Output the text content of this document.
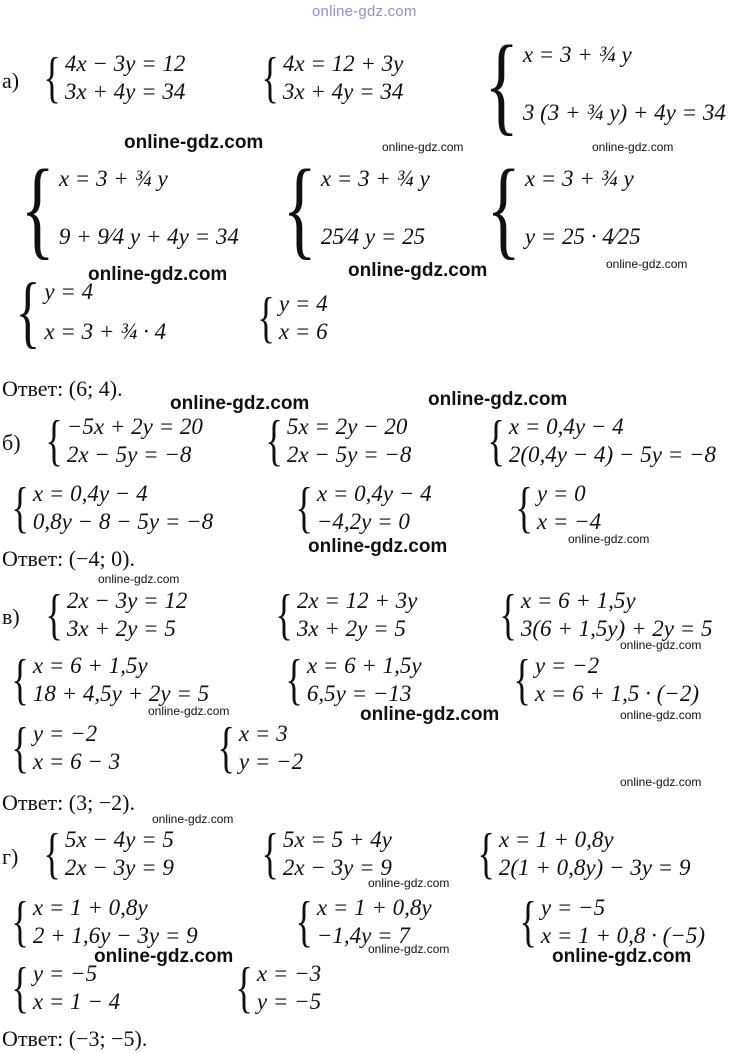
online-gdz.com
а) { 4x − 3y = 12
3x + 4y = 34 { 4x = 12 + 3y
3x + 4y = 34 { x = 3 + ¾ y
3 (3 + ¾ y) + 4y = 34
{ x = 3 + ¾ y
9 + 9⁄4 y + 4y = 34 { x = 3 + ¾ y
25⁄4 y = 25 { x = 3 + ¾ y
y = 25 · 4⁄25
{ y = 4
x = 3 + ¾ · 4 { y = 4
x = 6
Ответ: (6; 4).
б) { −5x + 2y = 20
2x − 5y = −8 { 5x = 2y − 20
2x − 5y = −8 { x = 0,4y − 4
2(0,4y − 4) − 5y = −8
{ x = 0,4y − 4
0,8y − 8 − 5y = −8 { x = 0,4y − 4
−4,2y = 0	{ y = 0
x = −4
Ответ: (−4; 0).
в) { 2x − 3y = 12
3x + 2y = 5 { 2x = 12 + 3y
3x + 2y = 5 { x = 6 + 1,5y
3(6 + 1,5y) + 2y = 5
{ x = 6 + 1,5y
18 + 4,5y + 2y = 5 { x = 6 + 1,5y
6,5y = −13 { y = −2
x = 6 + 1,5 · (−2)
{ y = −2
x = 6 − 3 { x = 3
y = −2
Ответ: (3; −2).
г) { 5x − 4y = 5
2x − 3y = 9 { 5x = 5 + 4y
2x − 3y = 9 { x = 1 + 0,8y
2(1 + 0,8y) − 3y = 9
{ x = 1 + 0,8y
2 + 1,6y − 3y = 9 { x = 1 + 0,8y
−1,4y = 7	{ y = −5
x = 1 + 0,8 · (−5)
{ y = −5
x = 1 − 4 { x = −3
y = −5
Ответ: (−3; −5).
online-gdz.com	online-gdz.com	online-gdz.com
online-gdz.com
online-gdz.com	online-gdz.com
online-gdz.com
online-gdz.com
online-gdz.com	online-gdz.com
online-gdz.com
online-gdz.com
online-gdz.com	online-gdz.com	online-gdz.com
online-gdz.com
online-gdz.com
online-gdz.com
online-gdz.com
online-gdz.com	online-gdz.com
